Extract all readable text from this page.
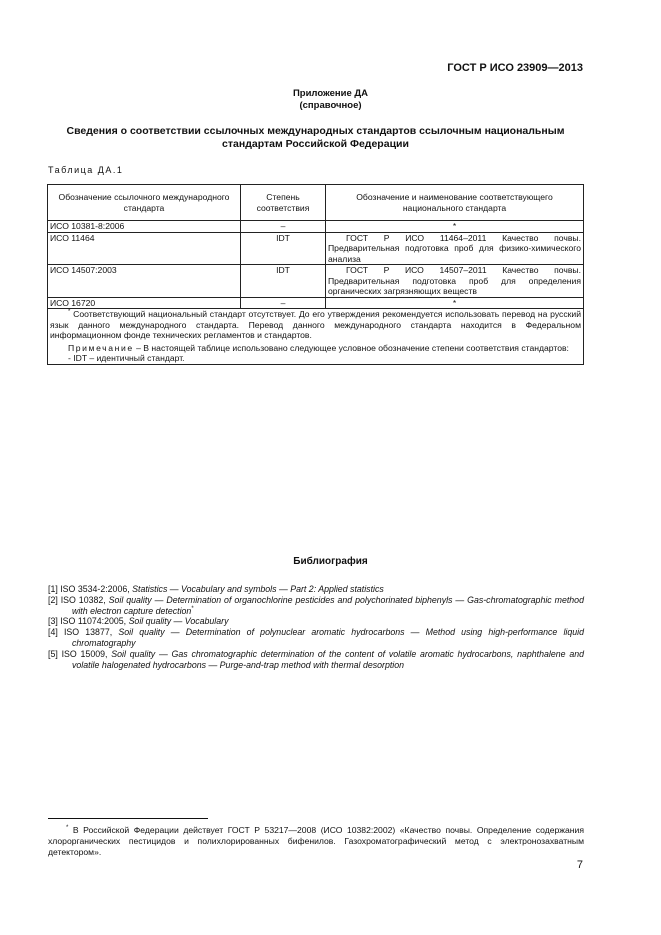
ГОСТ Р ИСО 23909—2013
Приложение ДА
(справочное)
Сведения о соответствии ссылочных международных стандартов ссылочным национальным стандартам Российской Федерации
Таблица ДА.1
Обозначение ссылочного международного стандарта	Степень соответствия	Обозначение и наименование соответствующего национального стандарта
ИСО 10381-8:2006	–	*
ИСО 11464	IDT	ГОСТ Р ИСО 11464–2011 Качество почвы. Предварительная подготовка проб для физико-химического анализа
ИСО 14507:2003	IDT	ГОСТ Р ИСО 14507–2011 Качество почвы. Предварительная подготовка проб для определения органических загрязняющих веществ
ИСО 16720	–	*

* Соответствующий национальный стандарт отсутствует. До его утверждения рекомендуется использовать перевод на русский язык данного международного стандарта. Перевод данного международного стандарта находится в Федеральном информационном фонде технических регламентов и стандартов.
Примечание – В настоящей таблице использовано следующее условное обозначение степени соответствия стандартов:
- IDT – идентичный стандарт.		
Библиография
[1] ISO 3534-2:2006, Statistics — Vocabulary and symbols — Part 2: Applied statistics
[2] ISO 10382, Soil quality — Determination of organochlorine pesticides and polychorinated biphenyls — Gas-chromatographic method with electron capture detection*
[3] ISO 11074:2005, Soil quality — Vocabulary
[4] ISO 13877, Soil quality — Determination of polynuclear aromatic hydrocarbons — Method using high-performance liquid chromatography
[5] ISO 15009, Soil quality — Gas chromatographic determination of the content of volatile aromatic hydrocarbons, naphthalene and volatile halogenated hydrocarbons — Purge-and-trap method with thermal desorption
* В Российской Федерации действует ГОСТ Р 53217—2008 (ИСО 10382:2002) «Качество почвы. Определение содержания хлорорганических пестицидов и полихлорированных бифенилов. Газохроматографический метод с электронозахватным детектором».
7
